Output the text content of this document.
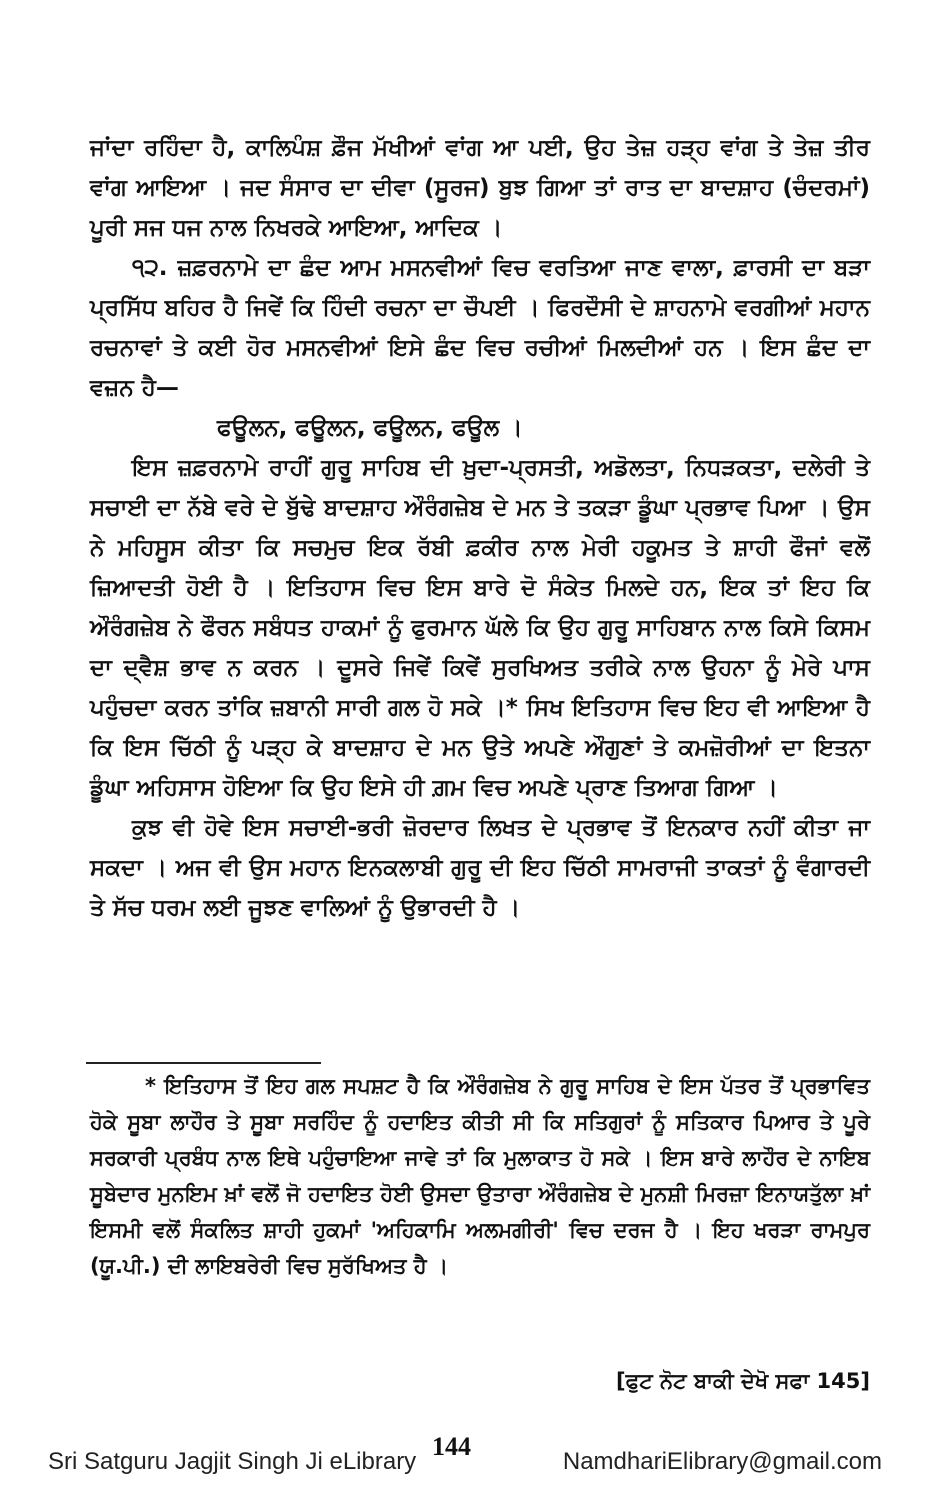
ਜਾਂਦਾ ਰਹਿੰਦਾ ਹੈ, ਕਾਲਿਪੰਸ਼ ਫ਼ੌਜ ਮੱਖੀਆਂ ਵਾਂਗ ਆ ਪਈ, ਉਹ ਤੇਜ਼ ਹੜ੍ਹ ਵਾਂਗ ਤੇ ਤੇਜ਼ ਤੀਰ ਵਾਂਗ ਆਇਆ । ਜਦ ਸੰਸਾਰ ਦਾ ਦੀਵਾ (ਸੂਰਜ) ਬੁਝ ਗਿਆ ਤਾਂ ਰਾਤ ਦਾ ਬਾਦਸ਼ਾਹ (ਚੰਦਰਮਾਂ) ਪੂਰੀ ਸਜ ਧਜ ਨਾਲ ਨਿਖਰਕੇ ਆਇਆ, ਆਦਿਕ ।

੧੨. ਜ਼ਫ਼ਰਨਾਮੇ ਦਾ ਛੰਦ ਆਮ ਮਸਨਵੀਆਂ ਵਿਚ ਵਰਤਿਆ ਜਾਣ ਵਾਲਾ, ਫ਼ਾਰਸੀ ਦਾ ਬੜਾ ਪ੍ਰਸਿੱਧ ਬਹਿਰ ਹੈ ਜਿਵੇਂ ਕਿ ਹਿੰਦੀ ਰਚਨਾ ਦਾ ਚੌਪਈ । ਫਿਰਦੌਸੀ ਦੇ ਸ਼ਾਹਨਾਮੇ ਵਰਗੀਆਂ ਮਹਾਨ ਰਚਨਾਵਾਂ ਤੇ ਕਈ ਹੋਰ ਮਸਨਵੀਆਂ ਇਸੇ ਛੰਦ ਵਿਚ ਰਚੀਆਂ ਮਿਲਦੀਆਂ ਹਨ । ਇਸ ਛੰਦ ਦਾ ਵਜ਼ਨ ਹੈ—

ਫਊਲਨ, ਫਊਲਨ, ਫਊਲਨ, ਫਊਲ ।

ਇਸ ਜ਼ਫ਼ਰਨਾਮੇ ਰਾਹੀਂ ਗੁਰੂ ਸਾਹਿਬ ਦੀ ਖ਼ੁਦਾ-ਪ੍ਰਸਤੀ, ਅਡੋਲਤਾ, ਨਿਧੜਕਤਾ, ਦਲੇਰੀ ਤੇ ਸਚਾਈ ਦਾ ਨੱਬੇ ਵਰੇ ਦੇ ਬੁੱਢੇ ਬਾਦਸ਼ਾਹ ਔਰੰਗਜ਼ੇਬ ਦੇ ਮਨ ਤੇ ਤਕੜਾ ਡੂੰਘਾ ਪ੍ਰਭਾਵ ਪਿਆ । ਉਸ ਨੇ ਮਹਿਸੂਸ ਕੀਤਾ ਕਿ ਸਚਮੁਚ ਇਕ ਰੱਬੀ ਫ਼ਕੀਰ ਨਾਲ ਮੇਰੀ ਹਕੂਮਤ ਤੇ ਸ਼ਾਹੀ ਫੌਜਾਂ ਵਲੋਂ ਜ਼ਿਆਦਤੀ ਹੋਈ ਹੈ । ਇਤਿਹਾਸ ਵਿਚ ਇਸ ਬਾਰੇ ਦੋ ਸੰਕੇਤ ਮਿਲਦੇ ਹਨ, ਇਕ ਤਾਂ ਇਹ ਕਿ ਔਰੰਗਜ਼ੇਬ ਨੇ ਫੌਰਨ ਸਬੰਧਤ ਹਾਕਮਾਂ ਨੂੰ ਫੁਰਮਾਨ ਘੱਲੇ ਕਿ ਉਹ ਗੁਰੂ ਸਾਹਿਬਾਨ ਨਾਲ ਕਿਸੇ ਕਿਸਮ ਦਾ ਦ੍ਵੈਸ਼ ਭਾਵ ਨ ਕਰਨ । ਦੂਸਰੇ ਜਿਵੇਂ ਕਿਵੇਂ ਸੁਰਖਿਅਤ ਤਰੀਕੇ ਨਾਲ ਉਹਨਾ ਨੂੰ ਮੇਰੇ ਪਾਸ ਪਹੁੰਚਦਾ ਕਰਨ ਤਾਂਕਿ ਜ਼ਬਾਨੀ ਸਾਰੀ ਗਲ ਹੋ ਸਕੇ ।* ਸਿਖ ਇਤਿਹਾਸ ਵਿਚ ਇਹ ਵੀ ਆਇਆ ਹੈ ਕਿ ਇਸ ਚਿੱਠੀ ਨੂੰ ਪੜ੍ਹ ਕੇ ਬਾਦਸ਼ਾਹ ਦੇ ਮਨ ਉਤੇ ਅਪਣੇ ਔਗੁਣਾਂ ਤੇ ਕਮਜ਼ੋਰੀਆਂ ਦਾ ਇਤਨਾ ਡੂੰਘਾ ਅਹਿਸਾਸ ਹੋਇਆ ਕਿ ਉਹ ਇਸੇ ਹੀ ਗ਼ਮ ਵਿਚ ਅਪਣੇ ਪ੍ਰਾਣ ਤਿਆਗ ਗਿਆ ।

ਕੁਝ ਵੀ ਹੋਵੇ ਇਸ ਸਚਾਈ-ਭਰੀ ਜ਼ੋਰਦਾਰ ਲਿਖਤ ਦੇ ਪ੍ਰਭਾਵ ਤੋਂ ਇਨਕਾਰ ਨਹੀਂ ਕੀਤਾ ਜਾ ਸਕਦਾ । ਅਜ ਵੀ ਉਸ ਮਹਾਨ ਇਨਕਲਾਬੀ ਗੁਰੂ ਦੀ ਇਹ ਚਿੱਠੀ ਸਾਮਰਾਜੀ ਤਾਕਤਾਂ ਨੂੰ ਵੰਗਾਰਦੀ ਤੇ ਸੱਚ ਧਰਮ ਲਈ ਜੂਝਣ ਵਾਲਿਆਂ ਨੂੰ ਉਭਾਰਦੀ ਹੈ ।

* ਇਤਿਹਾਸ ਤੋਂ ਇਹ ਗਲ ਸਪਸ਼ਟ ਹੈ ਕਿ ਔਰੰਗਜ਼ੇਬ ਨੇ ਗੁਰੂ ਸਾਹਿਬ ਦੇ ਇਸ ਪੱਤਰ ਤੋਂ ਪ੍ਰਭਾਵਿਤ ਹੋਕੇ ਸੂਬਾ ਲਾਹੌਰ ਤੇ ਸੂਬਾ ਸਰਹਿੰਦ ਨੂੰ ਹਦਾਇਤ ਕੀਤੀ ਸੀ ਕਿ ਸਤਿਗੁਰਾਂ ਨੂੰ ਸਤਿਕਾਰ ਪਿਆਰ ਤੇ ਪੂਰੇ ਸਰਕਾਰੀ ਪ੍ਰਬੰਧ ਨਾਲ ਇਥੇ ਪਹੁੰਚਾਇਆ ਜਾਵੇ ਤਾਂ ਕਿ ਮੁਲਾਕਾਤ ਹੋ ਸਕੇ । ਇਸ ਬਾਰੇ ਲਾਹੌਰ ਦੇ ਨਾਇਬ ਸੂਬੇਦਾਰ ਮੁਨਇਮ ਖ਼ਾਂ ਵਲੋਂ ਜੋ ਹਦਾਇਤ ਹੋਈ ਉਸਦਾ ਉਤਾਰਾ ਔਰੰਗਜ਼ੇਬ ਦੇ ਮੁਨਸ਼ੀ ਮਿਰਜ਼ਾ ਇਨਾਯਤੁੱਲਾ ਖ਼ਾਂ ਇਸਮੀ ਵਲੋਂ ਸੰਕਲਿਤ ਸ਼ਾਹੀ ਹੁਕਮਾਂ 'ਅਹਿਕਾਮਿ ਅਲਮਗੀਰੀ' ਵਿਚ ਦਰਜ ਹੈ । ਇਹ ਖਰੜਾ ਰਾਮਪੁਰ (ਯੂ.ਪੀ.) ਦੀ ਲਾਇਬਰੇਰੀ ਵਿਚ ਸੁਰੱਖਿਅਤ ਹੈ ।

[ਫੁਟ ਨੋਟ ਬਾਕੀ ਦੇਖੋ ਸਫਾ 145]

Sri Satguru Jagjit Singh Ji eLibrary
144
NamdhariElibrary@gmail.com
